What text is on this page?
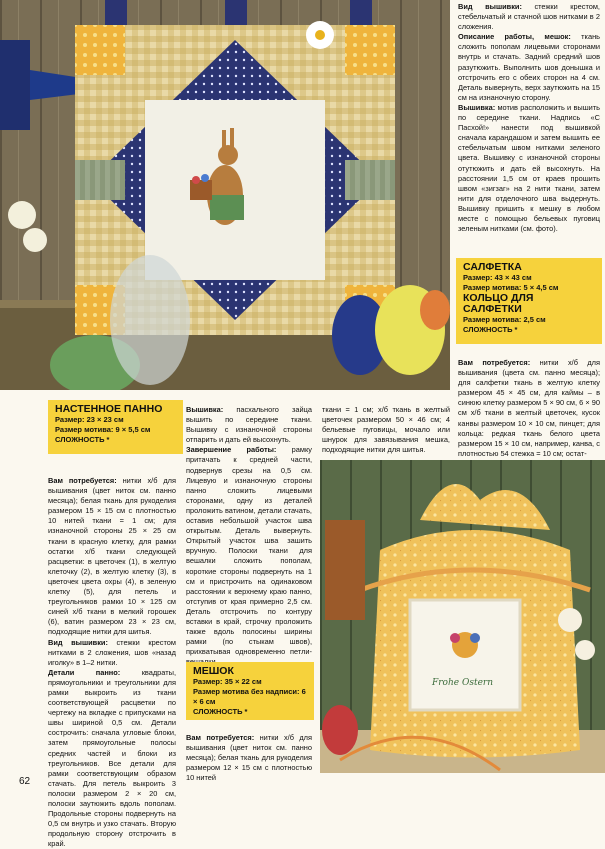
Вид вышивки: стежки крестом, стебельчатый и стачной шов нитками в 2 сложения.

Описание работы, мешок: ткань сложить пополам лицевыми сторонами внутрь и стачать. Задний средний шов разутюжить. Выполнить шов донышка и отстрочить его с обеих сторон на 4 см. Деталь вывернуть, верх заутюжить на 15 см на изнаночную сторону.

Вышивка: мотив расположить и вышить по середине ткани. Надпись «С Пасхой!» нанести под вышивкой сначала карандашом и затем вышить ее стебельчатым швом нитками зеленого цвета. Вышивку с изнаночной стороны отутюжить и дать ей высохнуть. На расстоянии 1,5 см от краев прошить швом «зигзаг» на 2 нити ткани, затем нити для отделочного шва выдернуть. Вышивку пришить к мешку в любом месте с помощью бельевых пуговиц зеленым нитками (см. фото).

САЛФЕТКА
Размер: 43 × 43 см
Размер мотива: 5 × 4,5 см
КОЛЬЦО ДЛЯ САЛФЕТКИ
Размер мотива: 2,5 см
СЛОЖНОСТЬ *

Вам потребуется: нитки х/б для вышивания (цвета см. панно месяца); для салфетки ткань в желтую клетку размером 45 × 45 см, для каймы – в синюю клетку размером 5 × 90 см, 6 × 90 см х/б ткани в желтый цветочек, кусок канвы размером 10 × 10 см, пинцет; для кольца: редкая ткань белого цвета размером 15 × 10 см, например, канва, с плотностью 54 стежка = 10 см; остат-

НАСТЕННОЕ ПАННО
Размер: 23 × 23 см
Размер мотива: 9 × 5,5 см
СЛОЖНОСТЬ *

Вам потребуется: нитки х/б для вышивания (цвет ниток см. панно месяца); белая ткань для рукоделия размером 15 × 15 см с плотностью 10 нитей ткани = 1 см; для изнаночной стороны 25 × 25 см ткани в красную клетку, для рамки остатки х/б ткани следующей расцветки: в цветочек (1), в желтую клеточку (2), в желтую клетку (3), в цветочек цвета охры (4), в зеленую клетку (5), для петель и треугольников рамки 10 × 125 см синей х/б ткани в мелкий горошек (6), ватин размером 23 × 23 см, подходящие нитки для шитья.

Вид вышивки: стежки крестом нитками в 2 сложения, шов «назад иголку» в 1–2 нитки.

Детали панно:	квадраты, прямоугольники и треугольники для рамки выкроить из ткани соответствующей расцветки по чертежу на вкладке с припусками на швы шириной 0,5 см. Детали сострочить: сначала угловые блоки, затем прямоугольные полосы средних частей и блоки из треугольников. Все детали для рамки соответствующим образом стачать. Для петель выкроить 3 полоски размером 2 × 20 см, полоски заутюжить вдоль пополам. Продольные стороны подвернуть на 0,5 см внутрь и узко стачать. Вторую продольную сторону отстрочить в край.

Вышивка: пасхального зайца вышить по середине ткани. Вышивку с изнаночной стороны отпарить и дать ей высохнуть.

Завершение работы: рамку притачать к средней части, подвернув срезы на 0,5 см. Лицевую и изнаночную стороны панно сложить лицевыми сторонами, одну из деталей проложить ватином, детали стачать, оставив небольшой участок шва открытым. Деталь вывернуть. Открытый участок шва зашить вручную. Полоски ткани для вешалки сложить пополам, короткие стороны подвернуть на 1 см и пристрочить на одинаковом расстоянии к верхнему краю панно, отступив от края примерно 2,5 см. Деталь отстрочить по контуру вставки в край, строчку проложить также вдоль полосины ширины рамки (по стыкам швов), прихватывая одновременно петли-

ткани = 1 см; х/б ткань в желтый цветочек размером 50 × 46 см; 4 бельевые пуговицы, мочало или шнурок для завязывания мешка, подходящие нитки для шитья.

Frohe Ostern
МЕШОК
Размер: 35 × 22 см
Размер мотива без надписи: 6 × 6 см
СЛОЖНОСТЬ *

Вам потребуется: нитки х/б для вышивания (цвет ниток см. панно месяца); белая ткань для рукоделия размером 12 × 15 см с плотностью 10 нитей

62
